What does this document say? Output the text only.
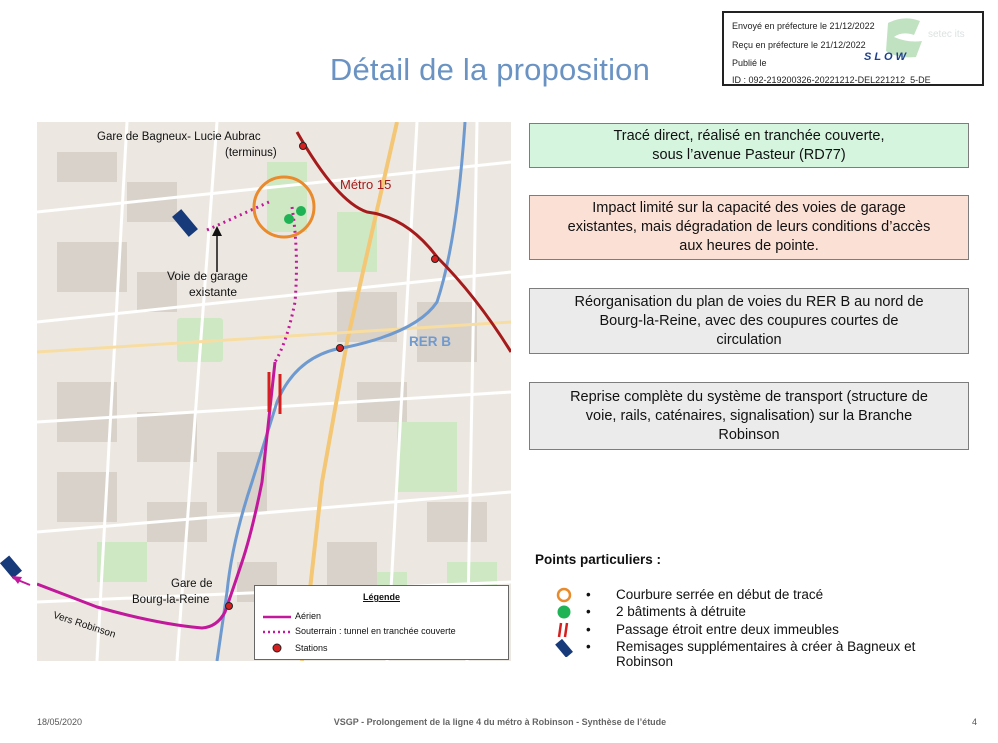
Détail de la proposition
Envoyé en préfecture le 21/12/2022
Reçu en préfecture le 21/12/2022
Publié le
ID : 092-219200326-20221212-DEL221212_5-DE
setec its
SLOW
Gare de Bagneux- Lucie Aubrac
(terminus)
Métro 15
Voie de garage
existante
RER B
Gare de
Bourg-la-Reine
Vers Robinson
Légende
Aérien
Souterrain : tunnel en tranchée couverte
Stations
Tracé direct, réalisé en tranchée couverte,
sous l’avenue Pasteur (RD77)
Impact limité sur la capacité des voies de garage
existantes, mais dégradation de leurs conditions d’accès
aux heures de pointe.
Réorganisation du plan de voies du RER B au nord de
Bourg-la-Reine, avec des coupures courtes de
circulation
Reprise complète du système de transport (structure de
voie, rails, caténaires, signalisation) sur la Branche
Robinson
Points particuliers :
• Courbure serrée en début de tracé
• 2 bâtiments à détruite
• Passage étroit entre deux immeubles
• Remisages supplémentaires à créer à Bagneux et Robinson
18/05/2020	VSGP - Prolongement de la ligne 4 du métro à Robinson - Synthèse de l’étude	4
